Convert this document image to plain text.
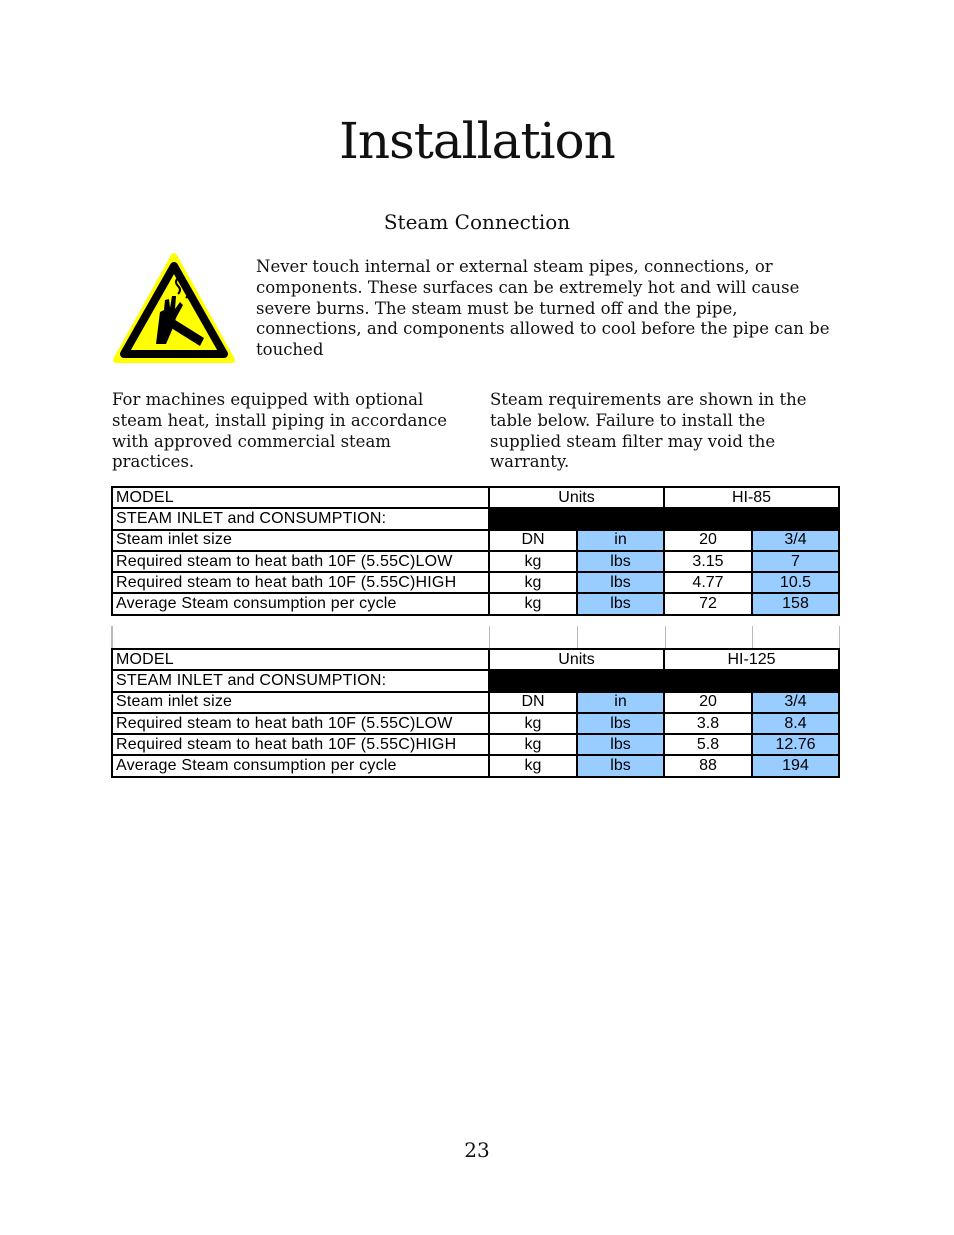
Installation
Steam Connection

Never touch internal or external steam pipes, connections, or components. These surfaces can be extremely hot and will cause severe burns. The steam must be turned off and the pipe, connections, and components allowed to cool before the pipe can be touched

For machines equipped with optional steam heat, install piping in accordance with approved commercial steam practices.

Steam requirements are shown in the table below. Failure to install the supplied steam filter may void the warranty.

MODEL	Units		HI-85	
STEAM INLET and CONSUMPTION:				
Steam inlet size	DN	in	20	3/4
Required steam to heat bath 10F (5.55C)LOW	kg	lbs	3.15	7
Required steam to heat bath 10F (5.55C)HIGH	kg	lbs	4.77	10.5
Average Steam consumption per cycle	kg	lbs	72	158
MODEL	Units		HI-125	
STEAM INLET and CONSUMPTION:				
Steam inlet size	DN	in	20	3/4
Required steam to heat bath 10F (5.55C)LOW	kg	lbs	3.8	8.4
Required steam to heat bath 10F (5.55C)HIGH	kg	lbs	5.8	12.76
Average Steam consumption per cycle	kg	lbs	88	194

23
